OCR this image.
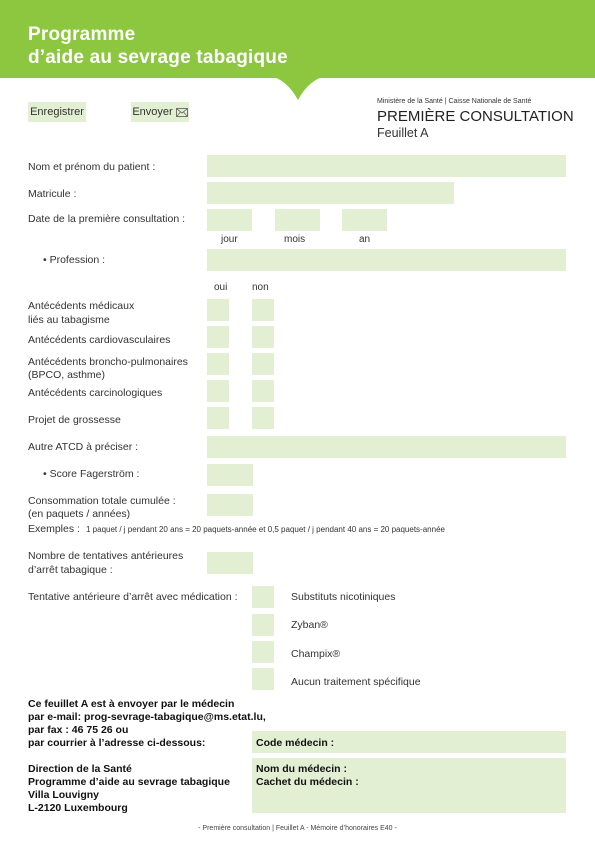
Programme
d’aide au sevrage tabagique
Enregistrer	Envoyer
Ministère de la Santé | Caisse Nationale de Santé
PREMIÈRE CONSULTATION
Feuillet A
Nom et prénom du patient :
Matricule :
Date de la première consultation :
jour	mois	an
• Profession :
oui non
Antécédents médicaux
liés au tabagisme
Antécédents cardiovasculaires
Antécédents broncho-pulmonaires
(BPCO, asthme)
Antécédents carcinologiques
Projet de grossesse
Autre ATCD à préciser :
• Score Fagerström :
Consommation totale cumulée :
(en paquets / années)
Exemples : 1 paquet / j pendant 20 ans = 20 paquets-année et 0,5 paquet / j pendant 40 ans = 20 paquets-année
Nombre de tentatives antérieures
d’arrêt tabagique :
Tentative antérieure d’arrêt avec médication :	Substituts nicotiniques
Zyban®
Champix®
Aucun traitement spécifique
Ce feuillet A est à envoyer par le médecin
par e-mail: prog-sevrage-tabagique@ms.etat.lu,
par fax : 46 75 26 ou
par courrier à l’adresse ci-dessous:
Direction de la Santé
Programme d’aide au sevrage tabagique
Villa Louvigny
L-2120 Luxembourg
Code médecin :
Nom du médecin :
Cachet du médecin :
- Première consultation | Feuillet A - Mémoire d’honoraires E40 -
